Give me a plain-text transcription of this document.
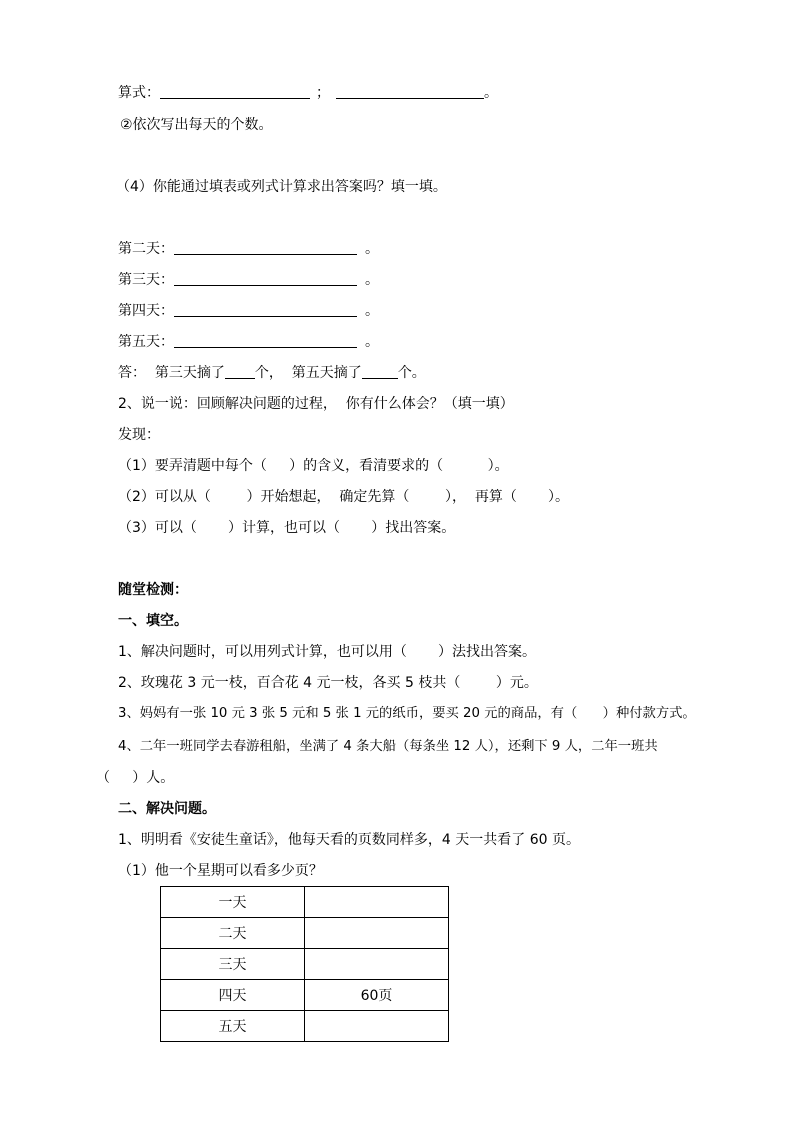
算式：	；	。
②依次写出每天的个数。
（4）你能通过填表或列式计算求出答案吗？填一填。
第二天：	。
第三天：	。
第四天：	。
第五天：	。
答：  第三天摘了 个，  第五天摘了	个。
2、说一说：回顾解决问题的过程，  你有什么体会？（填一填）
发现：
（1）要弄清题中每个（     ）的含义，看清要求的（          ）。
（2）可以从（        ）开始想起，  确定先算（        ），  再算（       ）。
（3）可以（       ）计算，也可以（       ）找出答案。
随堂检测：
一、填空。
1、解决问题时，可以用列式计算，也可以用（       ）法找出答案。
2、玫瑰花 3 元一枝，百合花 4 元一枝，各买 5 枝共（        ）元。
3、妈妈有一张 10 元 3 张 5 元和 5 张 1 元的纸币，要买 20 元的商品，有（      ）种付款方式。
4、二年一班同学去春游租船，坐满了 4 条大船（每条坐 12 人），还剩下 9 人，二年一班共
（     ）人。
二、解决问题。
1、明明看《安徒生童话》，他每天看的页数同样多，4 天一共看了 60 页。
（1）他一个星期可以看多少页？
一天	
二天	
三天	
四天	60页
五天	
